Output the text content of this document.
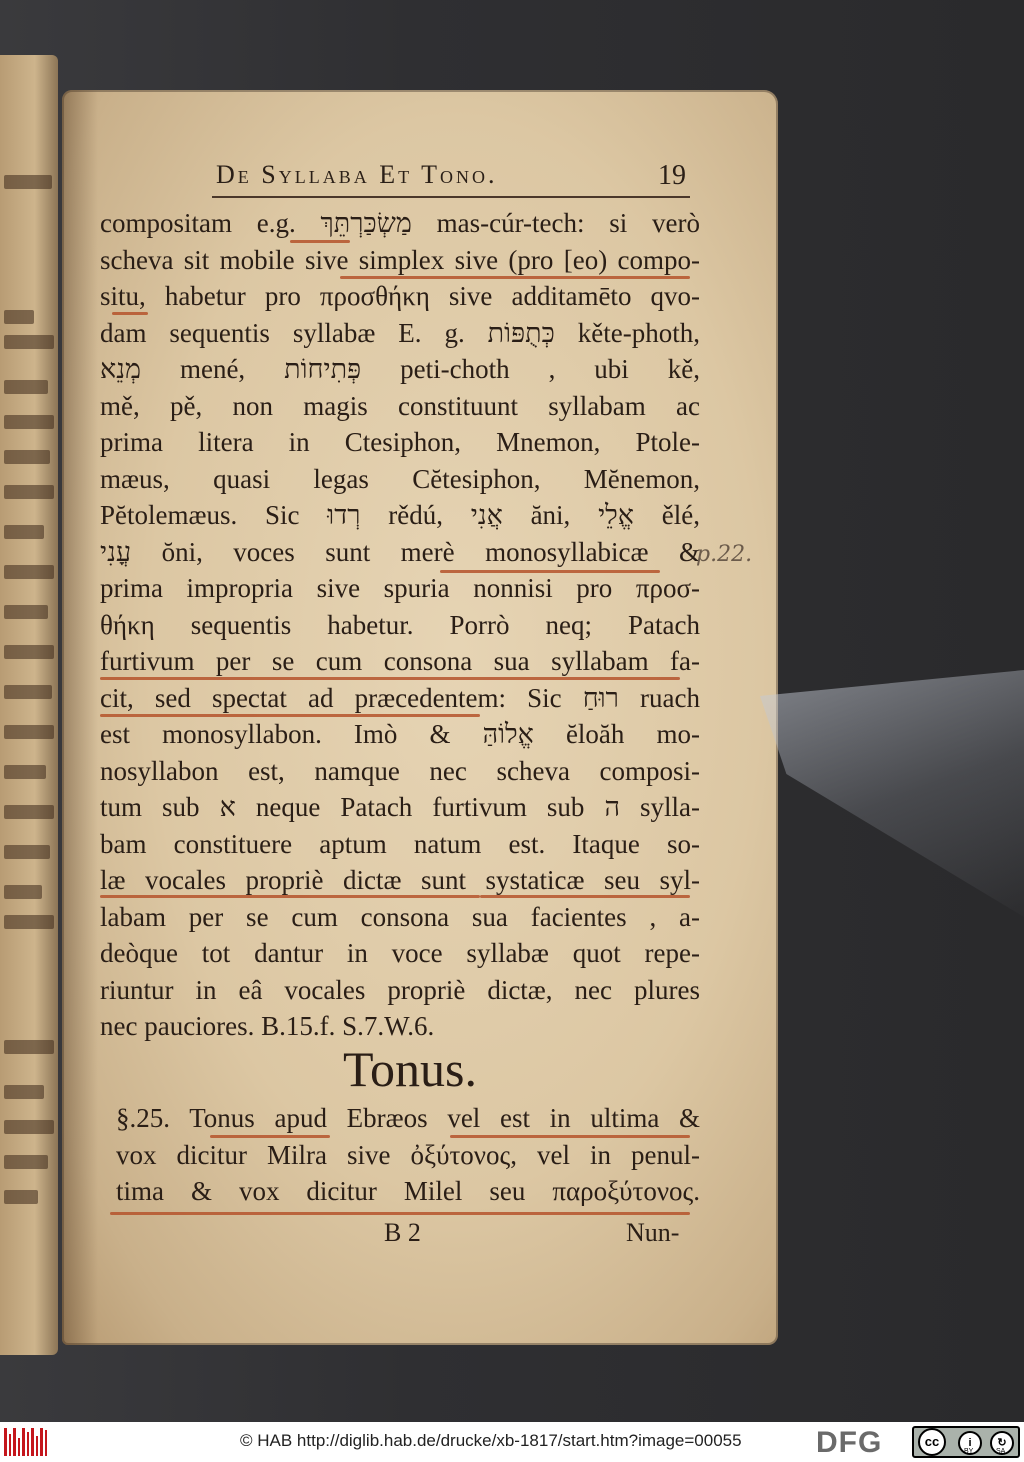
De Syllaba Et Tono.	19
compositam e.g. מַשְׂכַּרְתֵּךְ mas-cúr-tech: si verò
scheva sit mobile sive simplex sive (pro [eo) compo-
situ, habetur pro προσθήκη sive additamēto qvo-
dam sequentis syllabæ E. g. כְּתֻפּוֹת kěte-photh,
מְנֵא mené, פְּתִיחוֹת peti-choth , ubi kě,
mě, pě, non magis constituunt syllabam ac
prima litera in Ctesiphon, Mnemon, Ptole-
mæus, quasi legas Cĕtesiphon, Mĕnemon,
Pĕtolemæus. Sic רְדוּ rědú, אֲנִי ăni, אֱלֵי ělé,
עֳנִי ŏni, voces sunt merè monosyllabicæ &
prima impropria sive spuria nonnisi pro προσ-
θήκη sequentis habetur. Porrò neq; Patach
furtivum per se cum consona sua syllabam fa-
cit, sed spectat ad præcedentem: Sic רוּחַ ruach
est monosyllabon. Imò & אֱלוֹהַּ ĕloăh mo-
nosyllabon est, namque nec scheva composi-
tum sub א neque Patach furtivum sub ה sylla-
bam constituere aptum natum est. Itaque so-
læ vocales propriè dictæ sunt systaticæ seu syl-
labam per se cum consona sua facientes , a-
deòque tot dantur in voce syllabæ quot repe-
riuntur in eâ vocales propriè dictæ, nec plures
nec pauciores. B.15.f. S.7.W.6.
p.22.
Tonus.
§.25. Tonus apud Ebræos vel est in ultima &
vox dicitur Milra sive ὀξύτονος, vel in penul-
tima & vox dicitur Milel seu παροξύτονος.
B 2	Nun-
© HAB http://diglib.hab.de/drucke/xb-1817/start.htm?image=00055 DFG	cc	i	↻
BY	SA
